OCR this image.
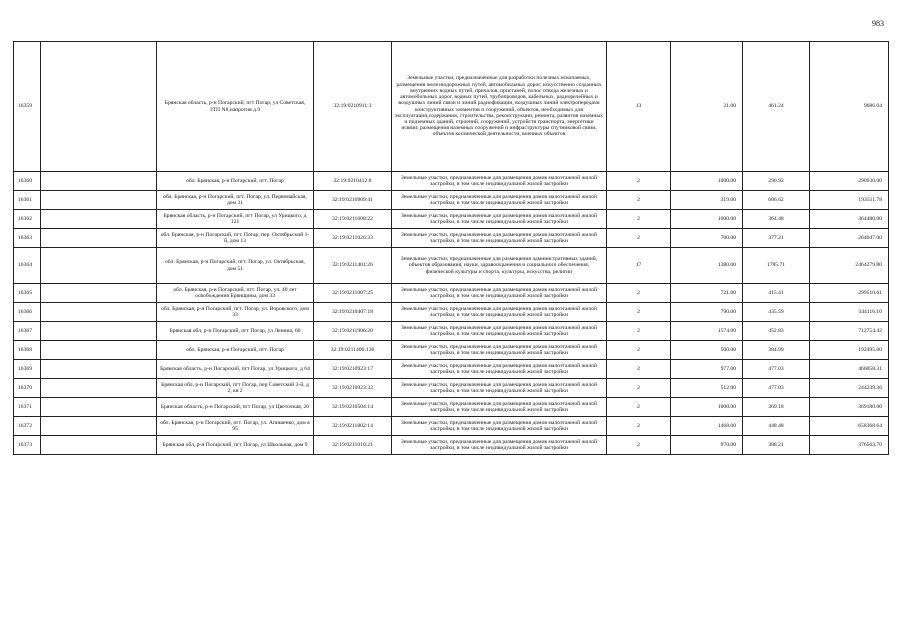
983
16359		Брянская область, р-н Погарский, пгт Погар, ул Советская, ЗТП N8,напротив д.9	32:19:0210911:3	Земельные участки, предназначенные для разработки полезных ископаемых, размещения железнодорожных путей, автомобильных дорог, искусственно созданных внутренних водных путей, причалов, пристаней, полос отвода железных и автомобильных дорог, водных путей, трубопроводов, кабельных, радиорелейных и воздушных линий связи и линий радиофикации, воздушных линий электропередачи конструктивных элементов и сооружений, объектов, необходимых для эксплуатации,содержания, строительства, реконструкции, ремонта, развития наземных и подземных зданий, строений, сооружений, устройств транспорта, энергетики исвязи; размещения наземных сооружений и инфраструктуры спутниковой связи, объектов космической деятельности, военных объектов	13	21.00	461.24	9686.04
16360		обл. Брянская, р-н Погарский, пгт. Погар	32:19:0210412:8	Земельные участки, предназначенные для размещения домов малоэтажной жилой застройки, в том числе индивидуальной жилой застройки	2	1000.00	290.93	290930.00
16361		обл. Брянская, р-н Погарский, пгт. Погар, ул. Первомайская, дом 31	32:19:0210909:41	Земельные участки, предназначенные для размещения домов малоэтажной жилой застройки, в том числе индивидуальной жилой застройки	2	319.00	606.62	193511.78
16362		Брянская область, р-н Погарский, пгт Погар, ул Урицкого, д 121	32:19:0211608:22	Земельные участки, предназначенные для размещения домов малоэтажной жилой застройки, в том числе индивидуальной жилой застройки	2	1000.00	364.48	364480.00
16363		обл. Брянская, р-н Погарский, пгт. Погар, пер. Октябрьский 1-й, дом 13	32:19:0211026:33	Земельные участки, предназначенные для размещения домов малоэтажной жилой застройки, в том числе индивидуальной жилой застройки	2	700.00	377.21	264047.00
16364		обл. Брянская, р-н Погарский, пгт. Погар, ул. Октябрьская, дом 51	32:19:0211401:26	Земельные участки, предназначенные для размещения административных зданий, объектов образования, науки, здравоохранения и социального обеспечения, физической культуры и спорта, культуры, искусства, религии	17	1380.00	1785.71	2464279.80
16365		обл. Брянская, р-н Погарский, пгт. Погар, ул. 40 лет освобождения Брянщины, дом 33	32:19:0211007:25	Земельные участки, предназначенные для размещения домов малоэтажной жилой застройки, в том числе индивидуальной жилой застройки	2	721.00	415.41	299510.61
16366		обл. Брянская, р-н Погарский, пгт. Погар, ул. Воровского, дом 33	32:19:0210407:18	Земельные участки, предназначенные для размещения домов малоэтажной жилой застройки, в том числе индивидуальной жилой застройки	2	790.00	435.59	344116.10
16367		Брянская обл, р-н Погарский, пгт Погар, ул Ленина, 60	32:19:0211906:20	Земельные участки, предназначенные для размещения домов малоэтажной жилой застройки, в том числе индивидуальной жилой застройки	2	1574.00	452.83	712754.42
16368		обл. Брянская, р-н Погарский, пгт. Погар	32:19:0211406:136	Земельные участки, предназначенные для размещения домов малоэтажной жилой застройки, в том числе индивидуальной жилой застройки	2	500.00	384.99	192495.00
16369		Брянская область, р-н Погарский, пгт Погар, ул Урицкого, д 64	32:19:0210923:17	Земельные участки, предназначенные для размещения домов малоэтажной жилой застройки, в том числе индивидуальной жилой застройки	2	977.00	477.03	466058.31
16370		Брянская обл, р-н Погарский, пгт Погар, пер Советский 3-й, д 2, кв 2	32:19:0210923:32	Земельные участки, предназначенные для размещения домов малоэтажной жилой застройки, в том числе индивидуальной жилой застройки	2	512.00	477.03	244239.36
16371		Брянская область, р-н Погарский, пгт Погар, ул Цветочная, 26	32:19:0210504:14	Земельные участки, предназначенные для размещения домов малоэтажной жилой застройки, в том числе индивидуальной жилой застройки	2	1000.00	369.18	369180.00
16372		обл. Брянская, р-н Погарский, пгт. Погар, ул. Апишенко, дом я 95	32:19:0211802:14	Земельные участки, предназначенные для размещения домов малоэтажной жилой застройки, в том числе индивидуальной жилой застройки	2	1468.00	448.48	658368.64
16373		Брянская обл, р-н Погарский, пгт Погар, ул Школьная, дом 9	32:19:0211010:21	Земельные участки, предназначенные для размещения домов малоэтажной жилой застройки, в том числе индивидуальной жилой застройки	2	970.00	388.21	376563.70
